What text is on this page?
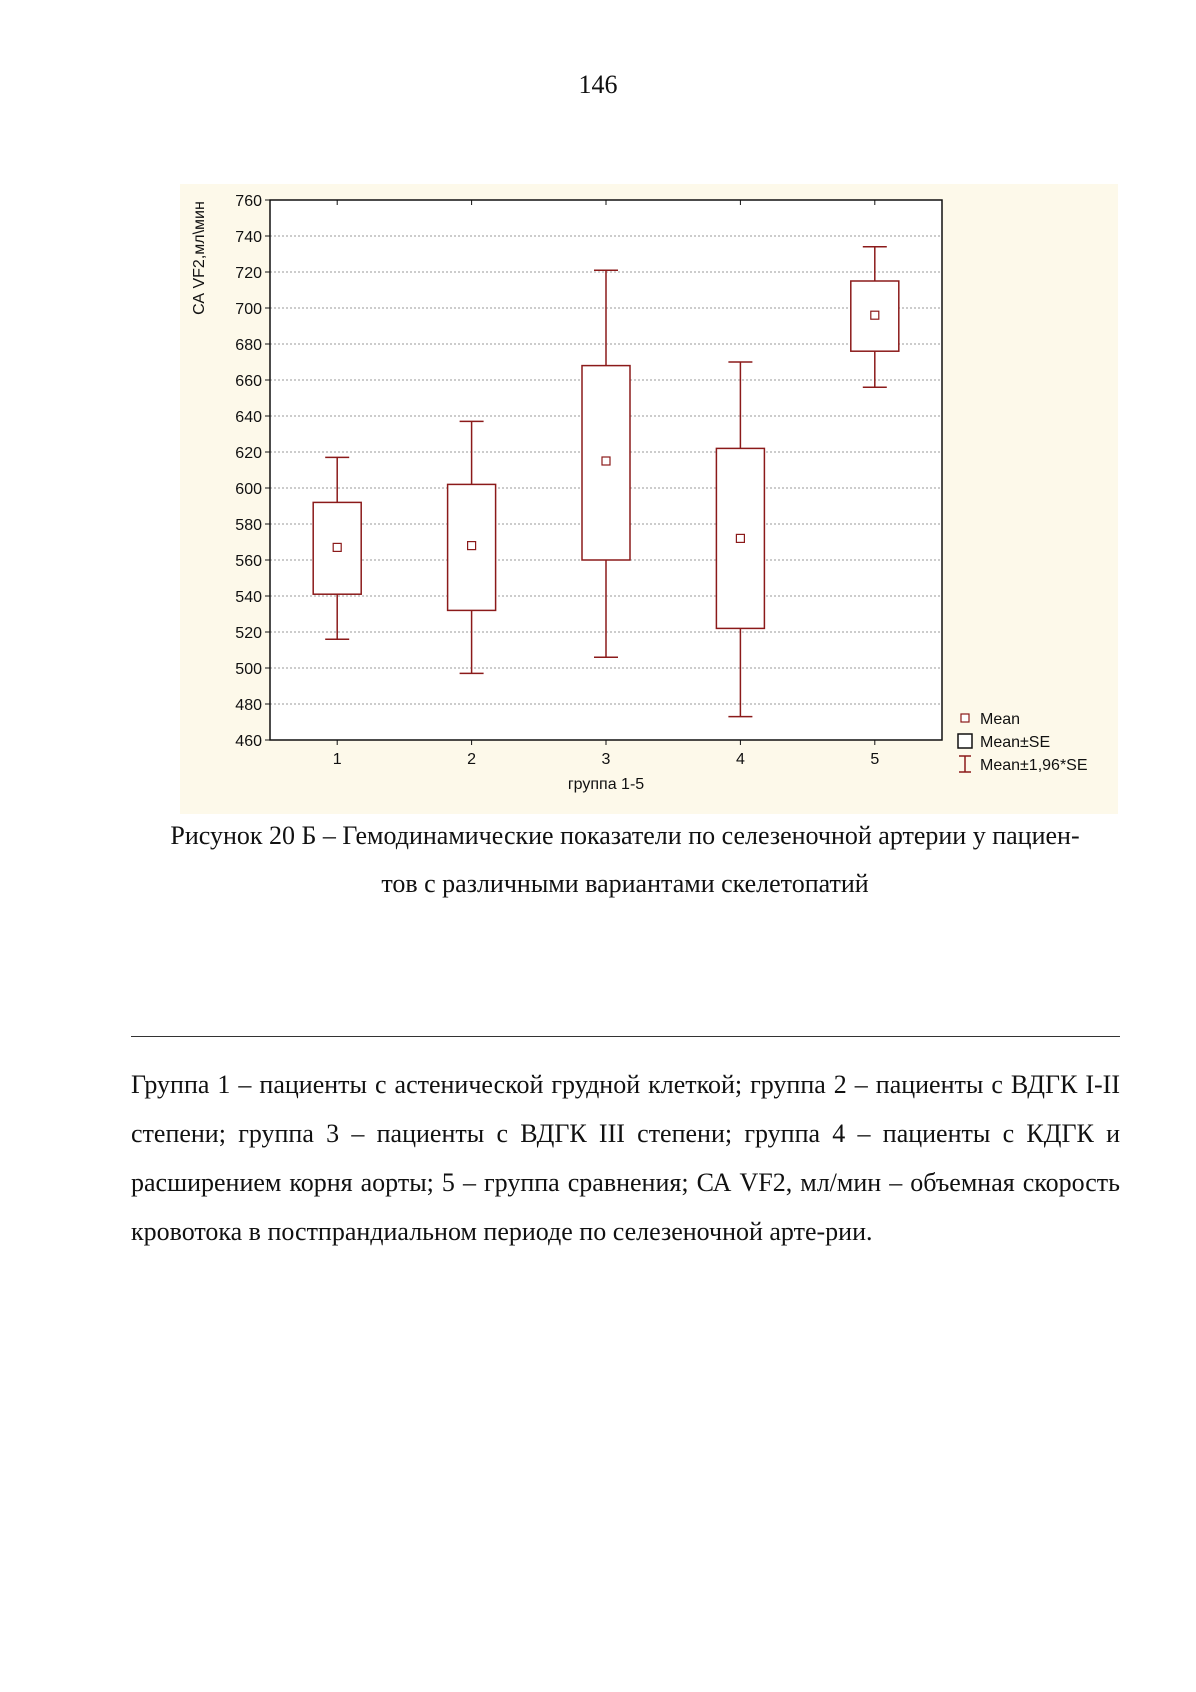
146
460
480
500
520
540
560
580
600
620
640
660
680
700
720
740
760
1	2	3	4	5
группа 1-5
СА VF2,мл\мин
Mean
Mean±SE
Mean±1,96*SE
Рисунок 20 Б – Гемодинамические показатели по селезеночной артерии у пациен-
тов с различными вариантами скелетопатий

Группа 1 – пациенты с астенической грудной клеткой; группа 2 – пациенты с ВДГК I-II степени; группа 3 – пациенты с ВДГК III степени; группа 4 – пациенты с КДГК и расширением корня аорты; 5 – группа сравнения; СА VF2, мл/мин – объемная скорость кровотока в постпрандиальном периоде по селезеночной арте-рии.
